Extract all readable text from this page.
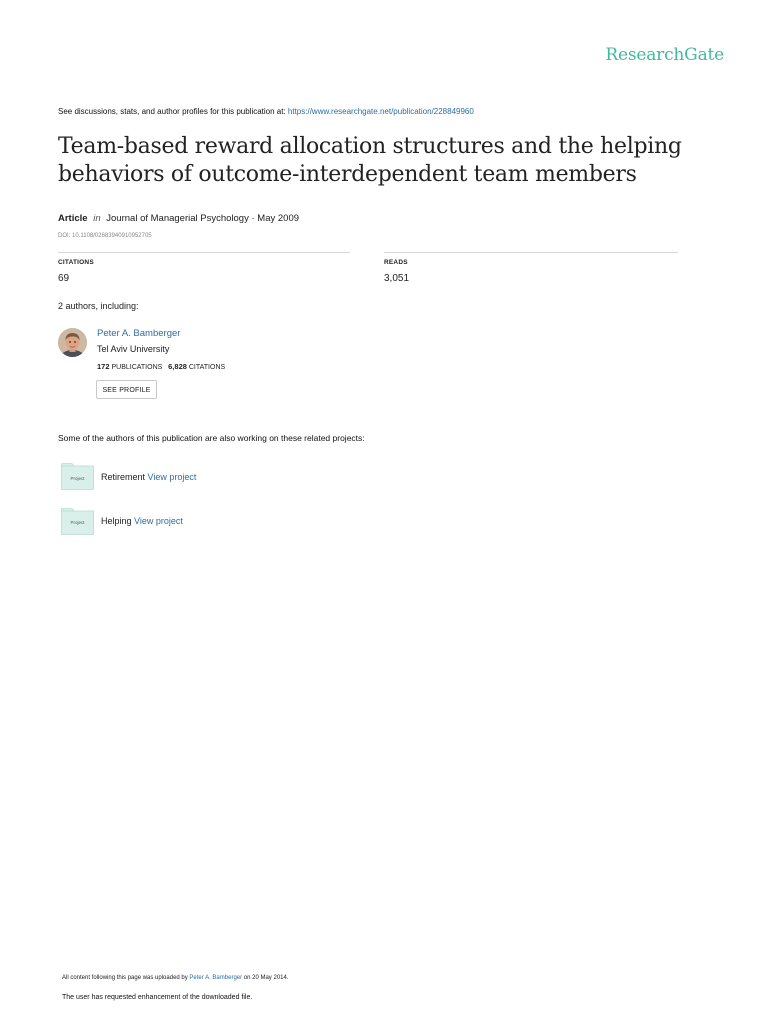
ResearchGate
See discussions, stats, and author profiles for this publication at: https://www.researchgate.net/publication/228849960
Team-based reward allocation structures and the helping behaviors of outcome-interdependent team members
Article in Journal of Managerial Psychology · May 2009
DOI: 10.1108/02683940910952705
CITATIONS
69
READS
3,051
2 authors, including:
Peter A. Bamberger
Tel Aviv University
172 PUBLICATIONS 6,828 CITATIONS
SEE PROFILE
Some of the authors of this publication are also working on these related projects:
Project	Retirement View project
Project	Helping View project
All content following this page was uploaded by Peter A. Bamberger on 20 May 2014.
The user has requested enhancement of the downloaded file.
